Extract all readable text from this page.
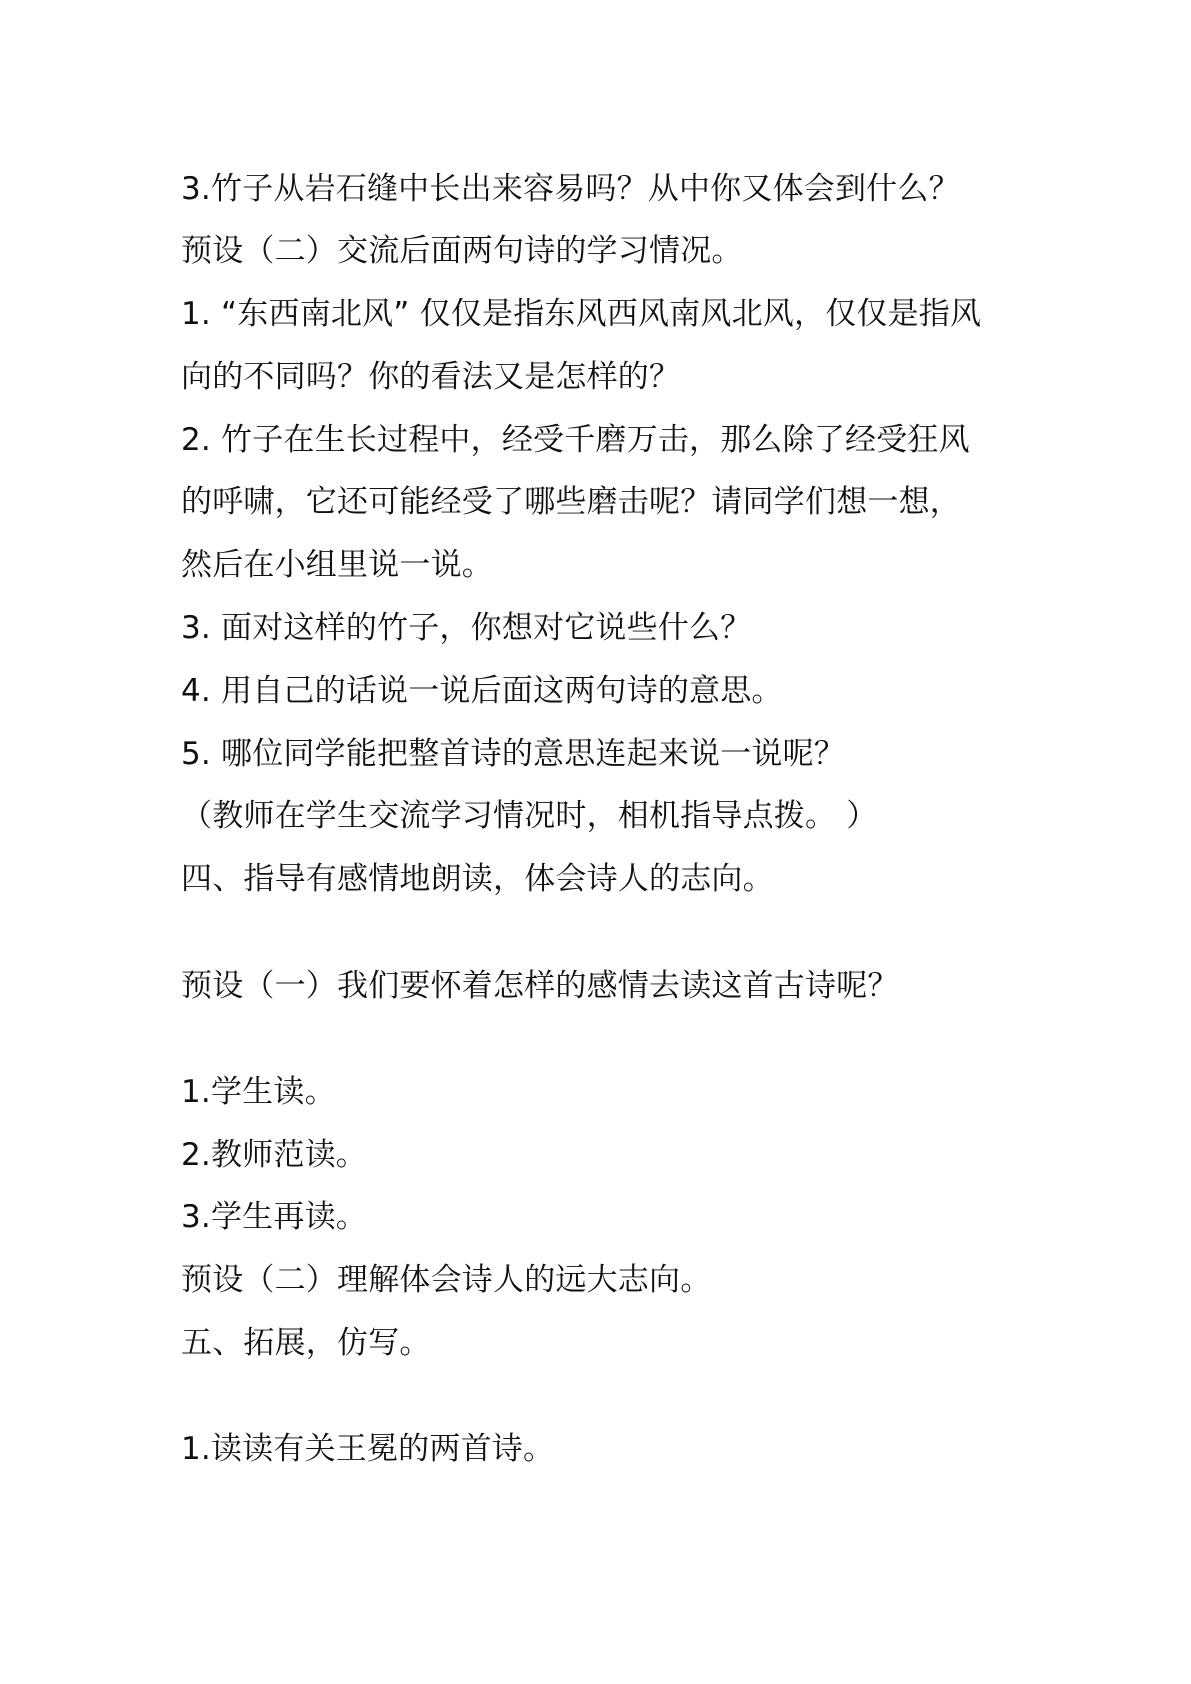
3.竹子从岩石缝中长出来容易吗？从中你又体会到什么？
预设（二）交流后面两句诗的学习情况。
1. “东西南北风” 仅仅是指东风西风南风北风，仅仅是指风
向的不同吗？你的看法又是怎样的？
2. 竹子在生长过程中，经受千磨万击，那么除了经受狂风
的呼啸，它还可能经受了哪些磨击呢？请同学们想一想，
然后在小组里说一说。
3. 面对这样的竹子，你想对它说些什么？
4. 用自己的话说一说后面这两句诗的意思。
5. 哪位同学能把整首诗的意思连起来说一说呢？
（教师在学生交流学习情况时，相机指导点拨。 ）
四、指导有感情地朗读，体会诗人的志向。
预设（一）我们要怀着怎样的感情去读这首古诗呢？
1.学生读。
2.教师范读。
3.学生再读。
预设（二）理解体会诗人的远大志向。
五、拓展，仿写。
1.读读有关王冕的两首诗。
